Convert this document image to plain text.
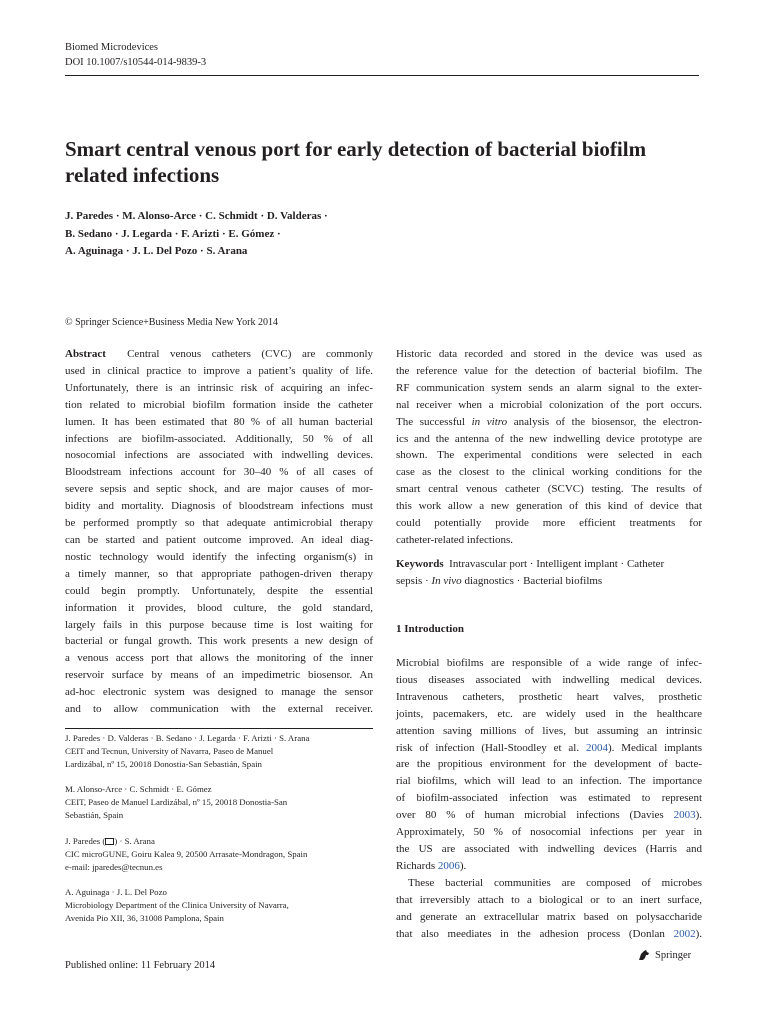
Biomed Microdevices
DOI 10.1007/s10544-014-9839-3
Smart central venous port for early detection of bacterial biofilm
related infections
J. Paredes · M. Alonso-Arce · C. Schmidt · D. Valderas ·
B. Sedano · J. Legarda · F. Arizti · E. Gómez ·
A. Aguinaga · J. L. Del Pozo · S. Arana
© Springer Science+Business Media New York 2014
Abstract Central venous catheters (CVC) are commonly
used in clinical practice to improve a patient’s quality of life.
Unfortunately, there is an intrinsic risk of acquiring an infec-
tion related to microbial biofilm formation inside the catheter
lumen. It has been estimated that 80 % of all human bacterial
infections are biofilm-associated. Additionally, 50 % of all
nosocomial infections are associated with indwelling devices.
Bloodstream infections account for 30–40 % of all cases of
severe sepsis and septic shock, and are major causes of mor-
bidity and mortality. Diagnosis of bloodstream infections must
be performed promptly so that adequate antimicrobial therapy
can be started and patient outcome improved. An ideal diag-
nostic technology would identify the infecting organism(s) in
a timely manner, so that appropriate pathogen-driven therapy
could begin promptly. Unfortunately, despite the essential
information it provides, blood culture, the gold standard,
largely fails in this purpose because time is lost waiting for
bacterial or fungal growth. This work presents a new design of
a venous access port that allows the monitoring of the inner
reservoir surface by means of an impedimetric biosensor. An
ad-hoc electronic system was designed to manage the sensor
and to allow communication with the external receiver.
J. Paredes · D. Valderas · B. Sedano · J. Legarda · F. Arizti · S. Arana
CEIT and Tecnun, University of Navarra, Paseo de Manuel
Lardizábal, nº 15, 20018 Donostia-San Sebastián, Spain
M. Alonso-Arce · C. Schmidt · E. Gómez
CEIT, Paseo de Manuel Lardizábal, nº 15, 20018 Donostia-San
Sebastián, Spain
J. Paredes ( ) · S. Arana
CIC microGUNE, Goiru Kalea 9, 20500 Arrasate-Mondragon, Spain
e-mail: jparedes@tecnun.es
A. Aguinaga · J. L. Del Pozo
Microbiology Department of the Clinica University of Navarra,
Avenida Pio XII, 36, 31008 Pamplona, Spain
Historic data recorded and stored in the device was used as
the reference value for the detection of bacterial biofilm. The
RF communication system sends an alarm signal to the exter-
nal receiver when a microbial colonization of the port occurs.
The successful in vitro analysis of the biosensor, the electron-
ics and the antenna of the new indwelling device prototype are
shown. The experimental conditions were selected in each
case as the closest to the clinical working conditions for the
smart central venous catheter (SCVC) testing. The results of
this work allow a new generation of this kind of device that
could potentially provide more efficient treatments for
catheter-related infections.
Keywords Intravascular port · Intelligent implant · Catheter
sepsis · In vivo diagnostics · Bacterial biofilms
1 Introduction
Microbial biofilms are responsible of a wide range of infec-
tious diseases associated with indwelling medical devices.
Intravenous catheters, prosthetic heart valves, prosthetic
joints, pacemakers, etc. are widely used in the healthcare
attention saving millions of lives, but assuming an intrinsic
risk of infection (Hall-Stoodley et al. 2004). Medical implants
are the propitious environment for the development of bacte-
rial biofilms, which will lead to an infection. The importance
of biofilm-associated infection was estimated to represent
over 80 % of human microbial infections (Davies 2003).
Approximately, 50 % of nosocomial infections per year in
the US are associated with indwelling devices (Harris and
Richards 2006).
These bacterial communities are composed of microbes
that irreversibly attach to a biological or to an inert surface,
and generate an extracellular matrix based on polysaccharide
that also meediates in the adhesion process (Donlan 2002).
Published online: 11 February 2014
Springer
